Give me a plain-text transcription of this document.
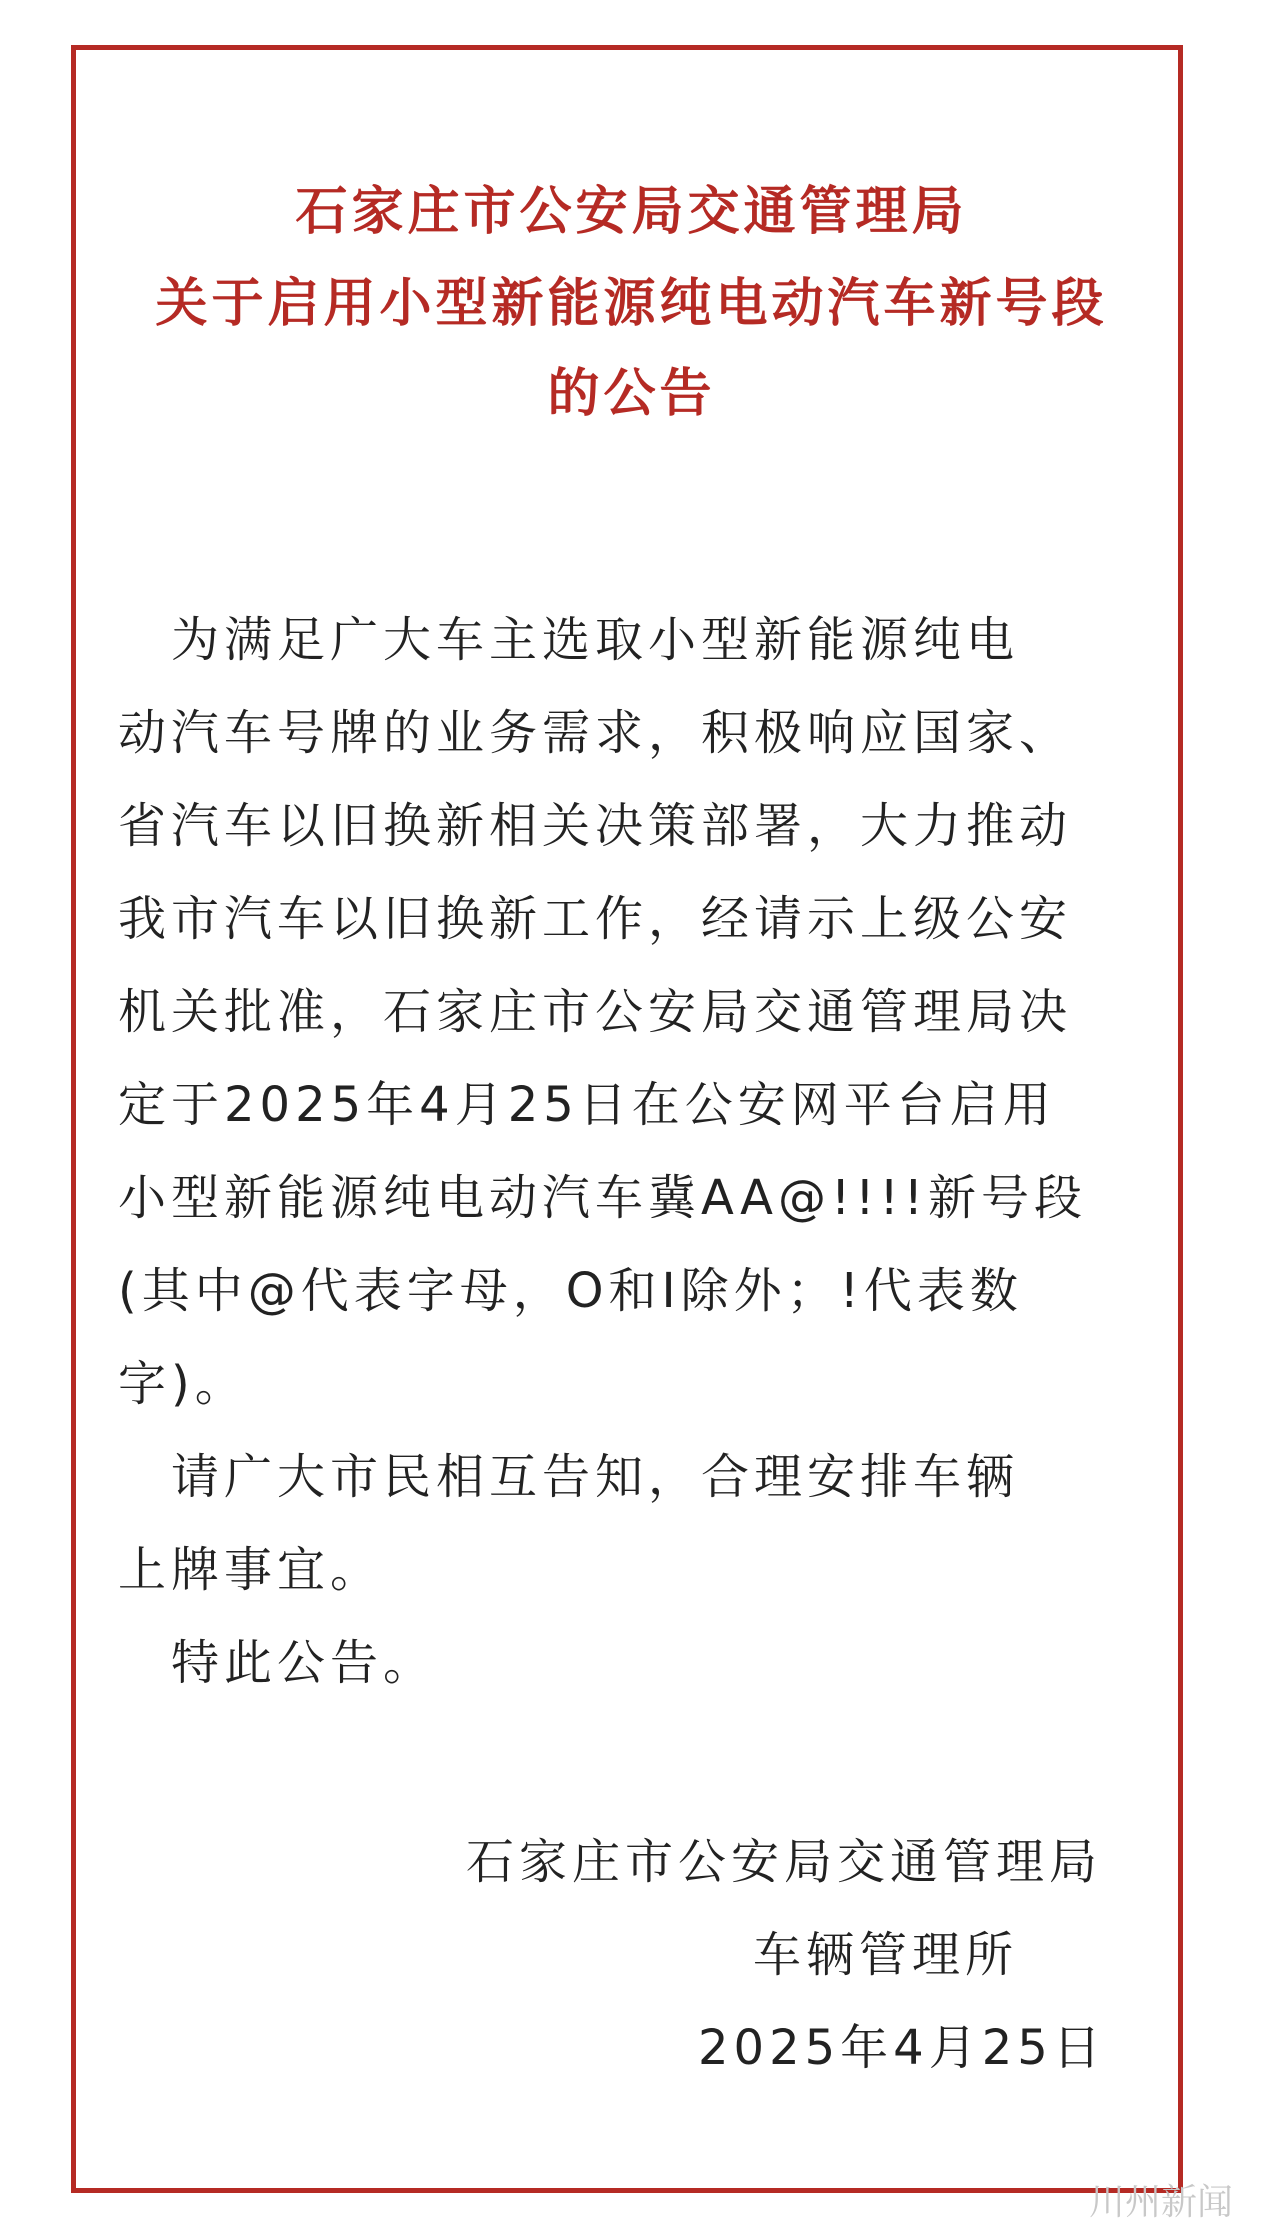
石家庄市公安局交通管理局
关于启用小型新能源纯电动汽车新号段
的公告
　为满足广大车主选取小型新能源纯电
动汽车号牌的业务需求，积极响应国家、
省汽车以旧换新相关决策部署，大力推动
我市汽车以旧换新工作，经请示上级公安
机关批准，石家庄市公安局交通管理局决
定于2025年4月25日在公安网平台启用
小型新能源纯电动汽车冀AA@!!!!新号段
(其中@代表字母，O和I除外；!代表数
字)。
　请广大市民相互告知，合理安排车辆
上牌事宜。
　特此公告。
石家庄市公安局交通管理局
车辆管理所
2025年4月25日
川州新闻
